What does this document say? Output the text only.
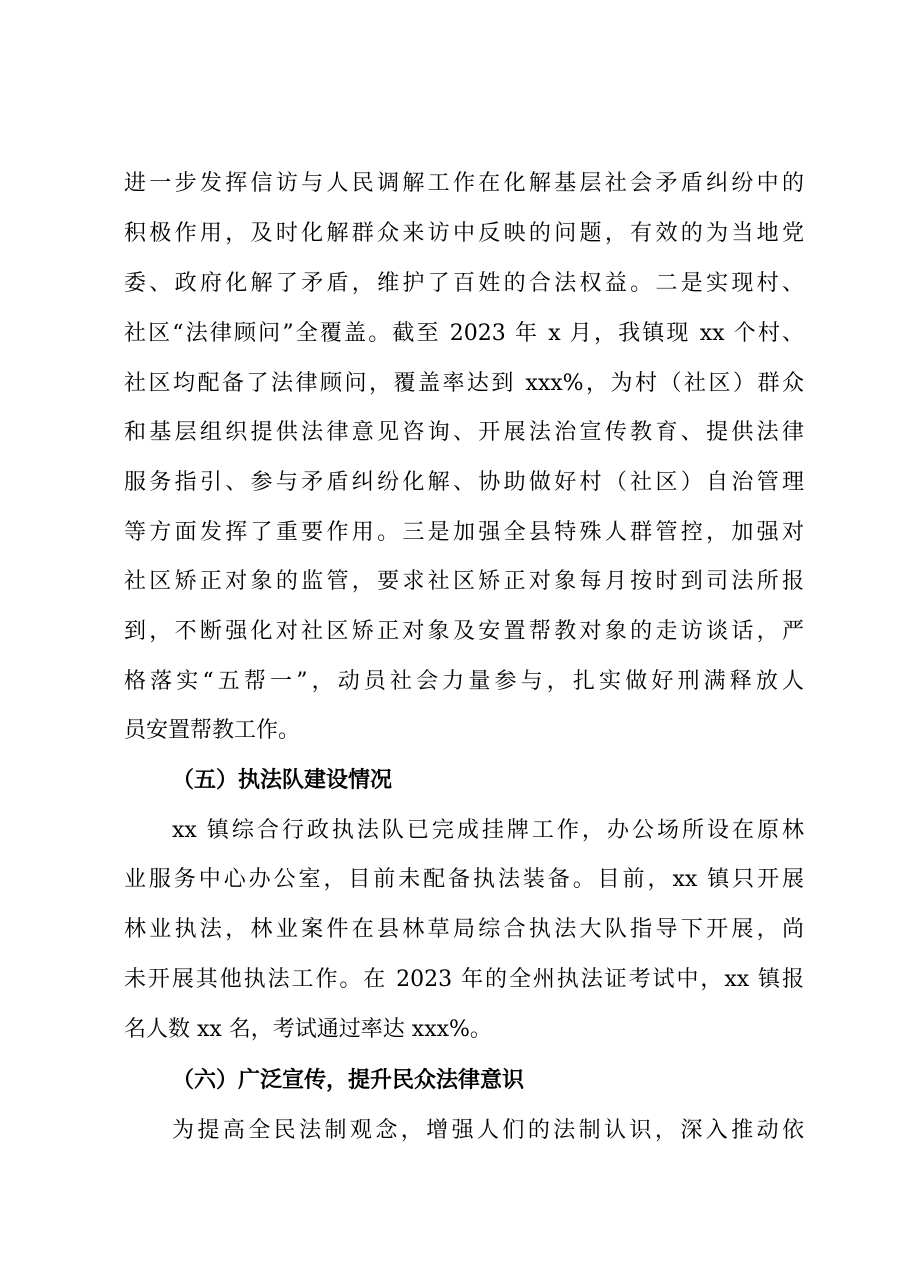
进一步发挥信访与人民调解工作在化解基层社会矛盾纠纷中的
积极作用，及时化解群众来访中反映的问题，有效的为当地党
委、政府化解了矛盾，维护了百姓的合法权益。二是实现村、
社区“法律顾问”全覆盖。截至 2023 年 x 月，我镇现 xx 个村、
社区均配备了法律顾问，覆盖率达到 xxx%，为村（社区）群众
和基层组织提供法律意见咨询、开展法治宣传教育、提供法律
服务指引、参与矛盾纠纷化解、协助做好村（社区）自治管理
等方面发挥了重要作用。三是加强全县特殊人群管控，加强对
社区矫正对象的监管，要求社区矫正对象每月按时到司法所报
到，不断强化对社区矫正对象及安置帮教对象的走访谈话，严
格落实“五帮一”，动员社会力量参与，扎实做好刑满释放人
员安置帮教工作。
（五）执法队建设情况
xx 镇综合行政执法队已完成挂牌工作，办公场所设在原林
业服务中心办公室，目前未配备执法装备。目前，xx 镇只开展
林业执法，林业案件在县林草局综合执法大队指导下开展，尚
未开展其他执法工作。在 2023 年的全州执法证考试中，xx 镇报
名人数 xx 名，考试通过率达 xxx%。
（六）广泛宣传，提升民众法律意识
为提高全民法制观念，增强人们的法制认识，深入推动依
